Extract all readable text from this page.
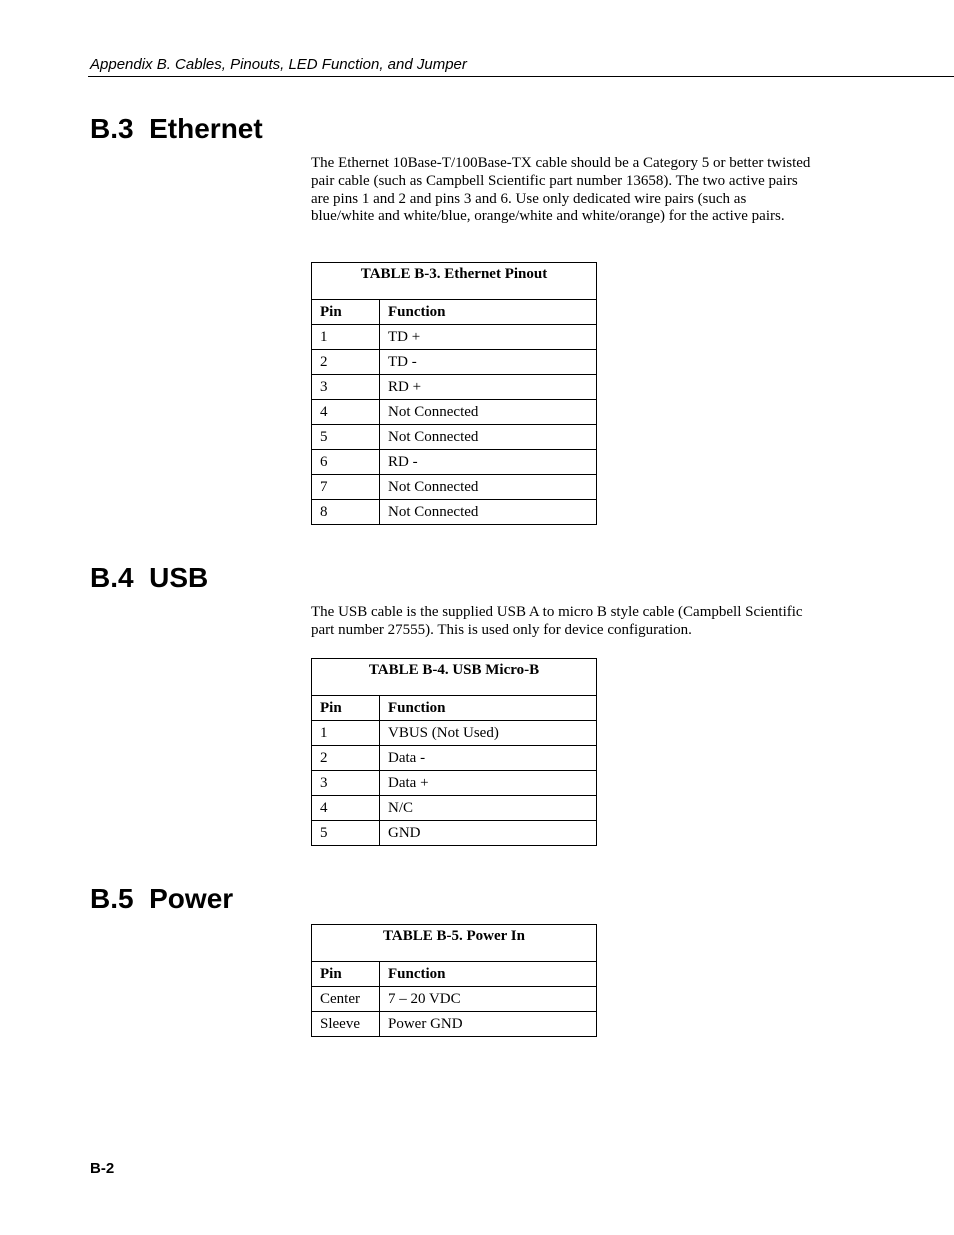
Appendix B. Cables, Pinouts, LED Function, and Jumper
B.3  Ethernet

The Ethernet 10Base-T/100Base-TX cable should be a Category 5 or better twisted pair cable (such as Campbell Scientific part number 13658). The two active pairs are pins 1 and 2 and pins 3 and 6. Use only dedicated wire pairs (such as blue/white and white/blue, orange/white and white/orange) for the active pairs.

TABLE B-3. Ethernet Pinout	
Pin	Function
1	TD +
2	TD -
3	RD +
4	Not Connected
5	Not Connected
6	RD -
7	Not Connected
8	Not Connected
B.4  USB

The USB cable is the supplied USB A to micro B style cable (Campbell Scientific part number 27555). This is used only for device configuration.

TABLE B-4. USB Micro-B	
Pin	Function
1	VBUS (Not Used)
2	Data -
3	Data +
4	N/C
5	GND
B.5  Power
TABLE B-5. Power In	
Pin	Function
Center	7 – 20 VDC
Sleeve	Power GND
B-2
